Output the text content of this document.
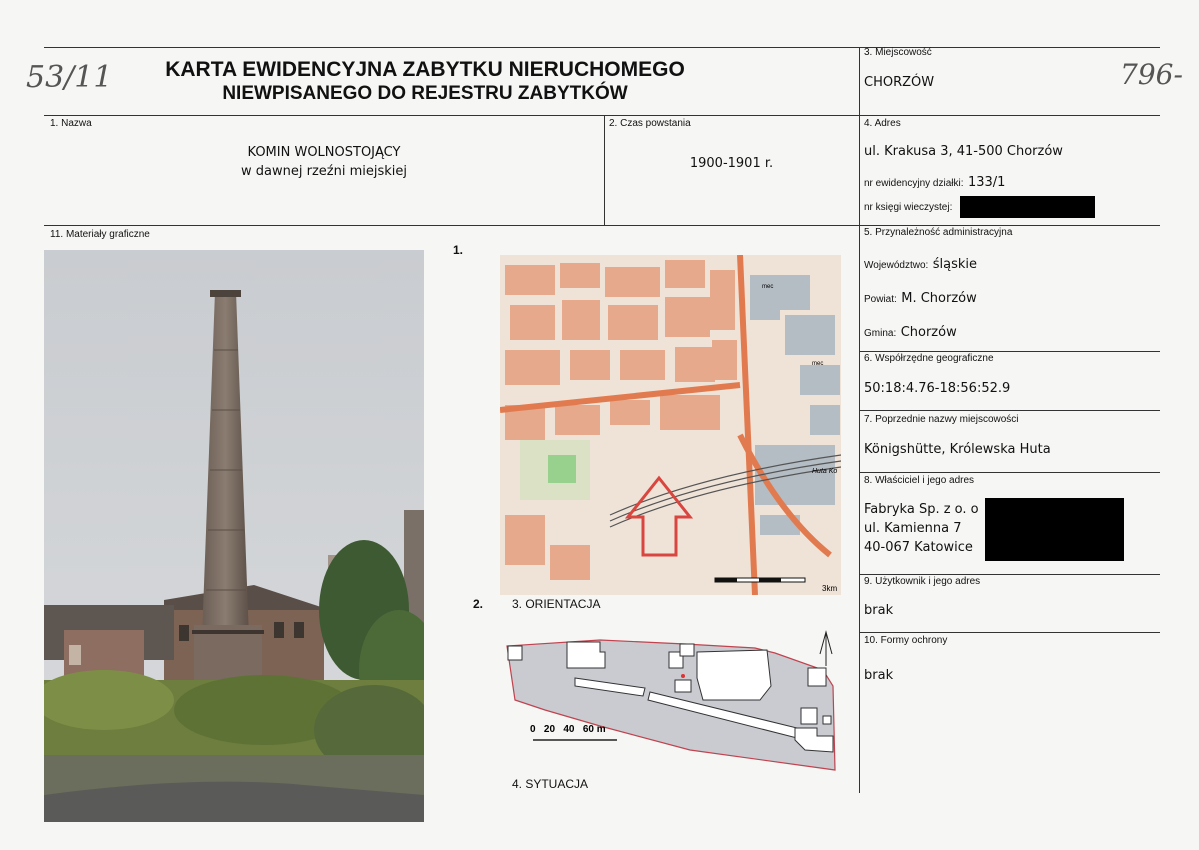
53/11	796-
KARTA EWIDENCYJNA ZABYTKU NIERUCHOMEGO
NIEWPISANEGO DO REJESTRU ZABYTKÓW
3. Miejscowość
CHORZÓW
1. Nazwa
KOMIN WOLNOSTOJĄCY
w dawnej rzeźni miejskiej
2. Czas powstania
1900-1901 r.
4. Adres
ul. Krakusa 3, 41-500 Chorzów
nr ewidencyjny działki: 133/1
nr księgi wieczystej:
11. Materiały graficzne	5. Przynależność administracyjna
Województwo: śląskie
Powiat: M. Chorzów
Gmina: Chorzów
6. Współrzędne geograficzne
50:18:4.76-18:56:52.9
7. Poprzednie nazwy miejscowości
Königshütte, Królewska Huta
8. Właściciel i jego adres
Fabryka Sp. z o. o
ul. Kamienna 7
40-067 Katowice
9. Użytkownik i jego adres
brak
10. Formy ochrony
brak
1.
2.
Huta Ko
mec
mec
3km
3. ORIENTACJA
0   20   40   60 m
4. SYTUACJA
